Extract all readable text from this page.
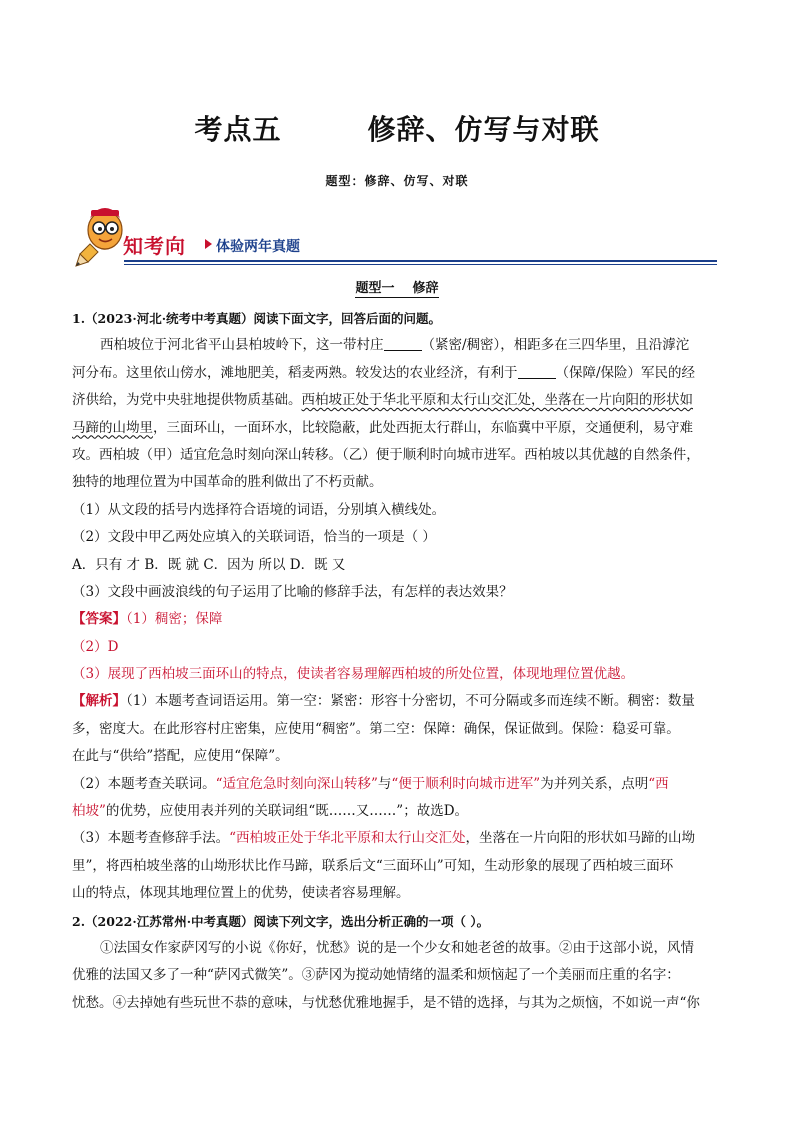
考点五        修辞、仿写与对联
题型：修辞、仿写、对联
知考向 体验两年真题
题型一    修辞
1.（2023·河北·统考中考真题）阅读下面文字，回答后面的问题。
西柏坡位于河北省平山县柏坡岭下，这一带村庄	（紧密/稠密），相距多在三四华里，且沿滹沱
河分布。这里依山傍水，滩地肥美，稻麦两熟。较发达的农业经济，有利于	（保障/保险）军民的经
济供给，为党中央驻地提供物质基础。西柏坡正处于华北平原和太行山交汇处，坐落在一片向阳的形状如
马蹄的山坳里，三面环山，一面环水，比较隐蔽，此处西扼太行群山，东临冀中平原，交通便利，易守难
攻。西柏坡（甲）适宜危急时刻向深山转移。（乙）便于顺利时向城市进军。西柏坡以其优越的自然条件，
独特的地理位置为中国革命的胜利做出了不朽贡献。
（1）从文段的括号内选择符合语境的词语，分别填入横线处。
（2）文段中甲乙两处应填入的关联词语，恰当的一项是（ ）
A．只有 才 B．既 就 C．因为 所以 D．既 又
（3）文段中画波浪线的句子运用了比喻的修辞手法，有怎样的表达效果？
【答案】（1）稠密；保障
（2）D
（3）展现了西柏坡三面环山的特点，使读者容易理解西柏坡的所处位置，体现地理位置优越。
【解析】（1）本题考查词语运用。第一空：紧密：形容十分密切，不可分隔或多而连续不断。稠密：数量
多，密度大。在此形容村庄密集，应使用“稠密”。第二空：保障：确保，保证做到。保险：稳妥可靠。
在此与“供给”搭配，应使用“保障”。
（2）本题考查关联词。“适宜危急时刻向深山转移”与“便于顺利时向城市进军”为并列关系，点明“西
柏坡”的优势，应使用表并列的关联词组“既……又……”；故选D。
（3）本题考查修辞手法。“西柏坡正处于华北平原和太行山交汇处，坐落在一片向阳的形状如马蹄的山坳
里”，将西柏坡坐落的山坳形状比作马蹄，联系后文“三面环山”可知，生动形象的展现了西柏坡三面环
山的特点，体现其地理位置上的优势，使读者容易理解。
2.（2022·江苏常州·中考真题）阅读下列文字，选出分析正确的一项（ ）。
①法国女作家萨冈写的小说《你好，忧愁》说的是一个少女和她老爸的故事。②由于这部小说，风情
优雅的法国又多了一种“萨冈式微笑”。③萨冈为搅动她情绪的温柔和烦恼起了一个美丽而庄重的名字：
忧愁。④去掉她有些玩世不恭的意味，与忧愁优雅地握手，是不错的选择，与其为之烦恼，不如说一声“你
